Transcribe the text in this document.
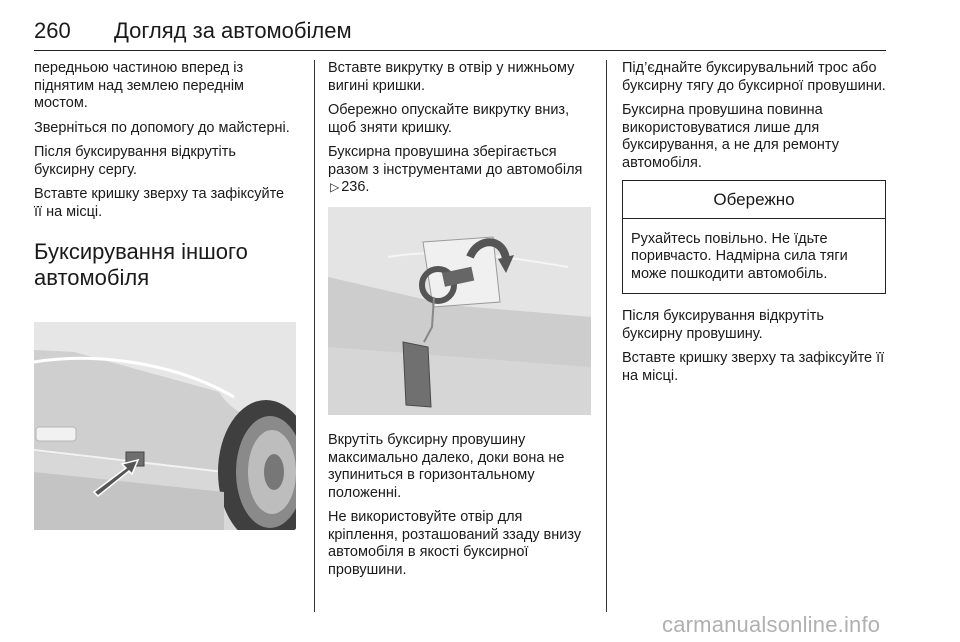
260 Догляд за автомобілем

передньою частиною вперед із піднятим над землею переднім мостом.

Зверніться по допомогу до майстерні.

Після буксирування відкрутіть буксирну сергу.

Вставте кришку зверху та зафіксуйте її на місці.

Буксирування іншого автомобіля

Вставте викрутку в отвір у нижньому вигині кришки.

Обережно опускайте викрутку вниз, щоб зняти кришку.

Буксирна провушина зберігається разом з інструментами до автомобіля ▷ 236.

Вкрутіть буксирну провушину максимально далеко, доки вона не зупиниться в горизонтальному положенні.

Не використовуйте отвір для кріплення, розташований ззаду внизу автомобіля в якості буксирної провушини.

Під’єднайте буксирувальний трос або буксирну тягу до буксирної провушини.

Буксирна провушина повинна використовуватися лише для буксирування, а не для ремонту автомобіля.

Обережно
Рухайтесь повільно. Не їдьте поривчасто. Надмірна сила тяги може пошкодити автомобіль.

Після буксирування відкрутіть буксирну провушину.

Вставте кришку зверху та зафіксуйте її на місці.

carmanualsonline.info
